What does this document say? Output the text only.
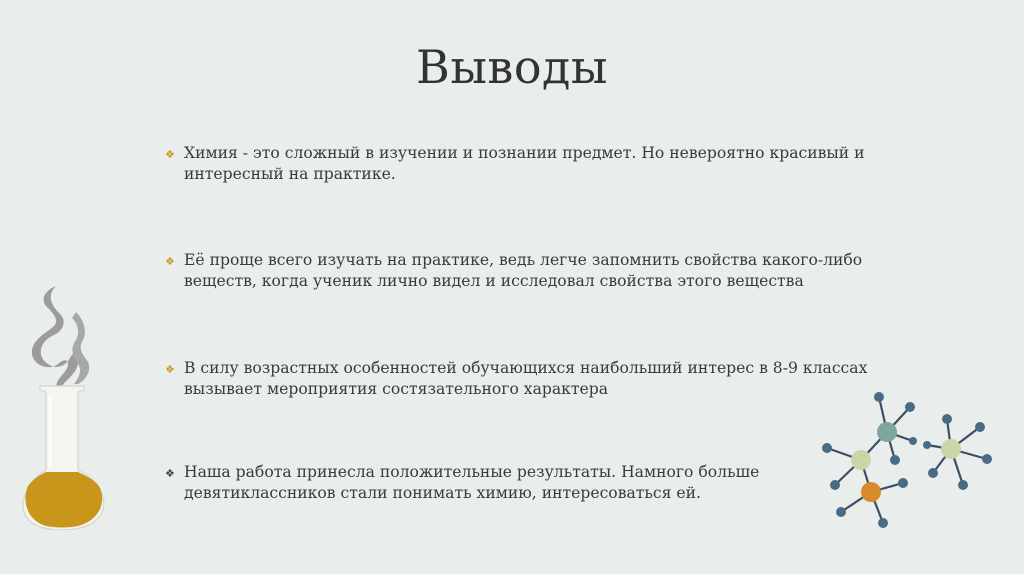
Выводы
❖ Химия - это сложный в изучении и познании предмет. Но невероятно красивый и интересный на практике.
❖ Её проще всего изучать на практике, ведь легче запомнить свойства какого-либо веществ, когда ученик лично видел и исследовал свойства этого вещества
❖ В силу возрастных особенностей обучающихся наибольший интерес в 8-9 классах вызывает мероприятия состязательного характера
❖ Наша работа принесла положительные результаты. Намного больше девятиклассников стали понимать химию, интересоваться ей.
